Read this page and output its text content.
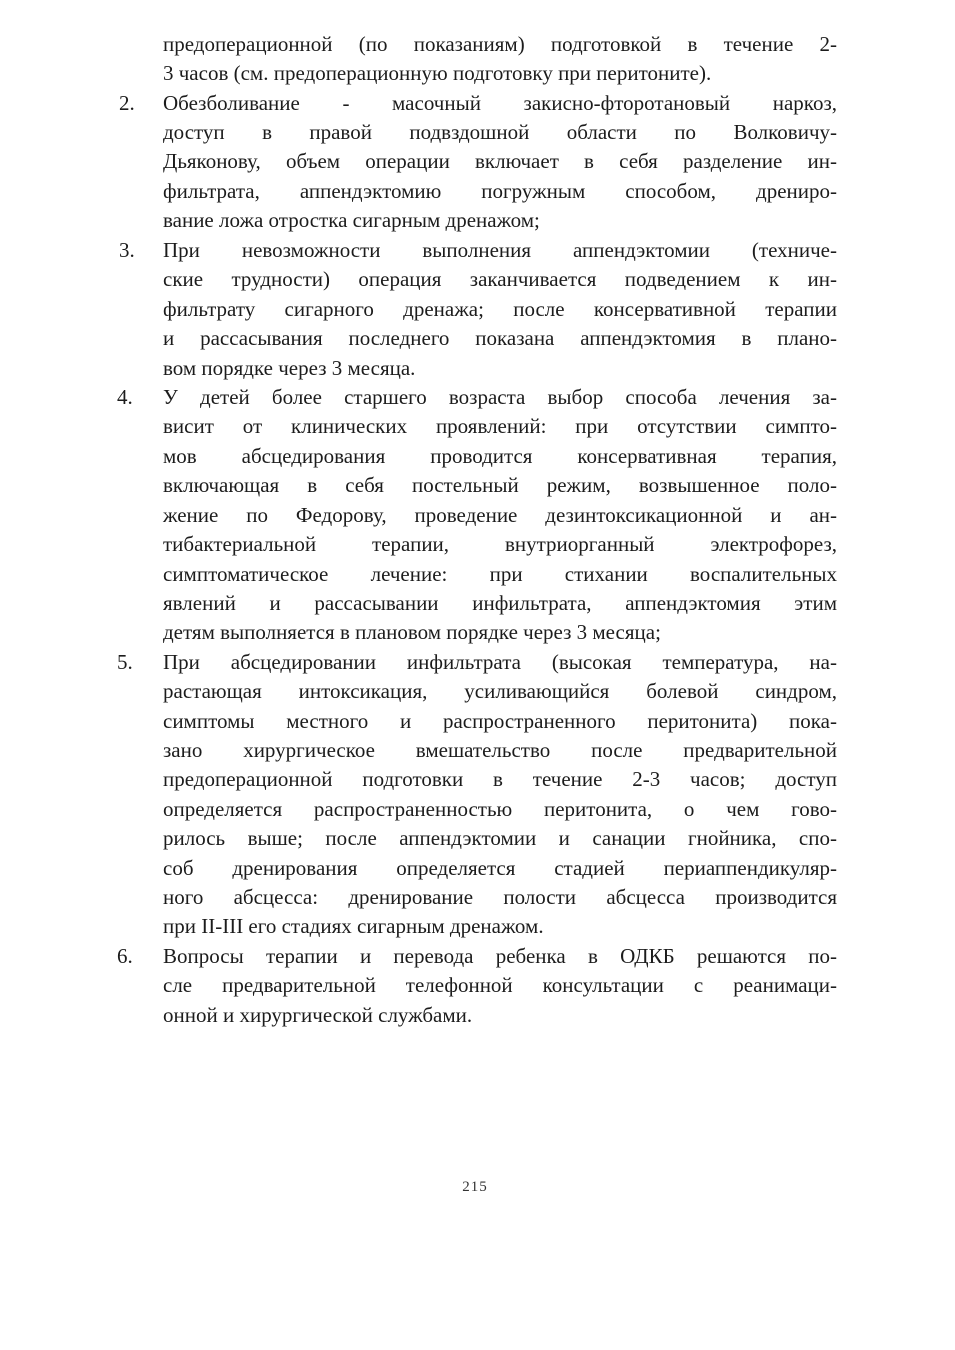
предоперационной (по показаниям) подготовкой в течение 2-
3 часов (см. предоперационную подготовку при перитоните).
2.	Обезболивание - масочный закисно-фторотановый наркоз,
доступ в правой подвздошной области по Волковичу-
Дьяконову, объем операции включает в себя разделение ин-
фильтрата, аппендэктомию погружным способом, дрениро-
вание ложа отростка сигарным дренажом;
3.	При невозможности выполнения аппендэктомии (техниче-
ские трудности) операция заканчивается подведением к ин-
фильтрату сигарного дренажа; после консервативной терапии
и рассасывания последнего показана аппендэктомия в плано-
вом порядке через 3 месяца.
4.	У детей более старшего возраста выбор способа лечения за-
висит от клинических проявлений: при отсутствии симпто-
мов абсцедирования проводится консервативная терапия,
включающая в себя постельный режим, возвышенное поло-
жение по Федорову, проведение дезинтоксикационной и ан-
тибактериальной терапии, внутриорганный электрофорез,
симптоматическое лечение: при стихании воспалительных
явлений и рассасывании инфильтрата, аппендэктомия этим
детям выполняется в плановом порядке через 3 месяца;
5.	При абсцедировании инфильтрата (высокая температура, на-
растающая интоксикация, усиливающийся болевой синдром,
симптомы местного и распространенного перитонита) пока-
зано хирургическое вмешательство после предварительной
предоперационной подготовки в течение 2-3 часов; доступ
определяется распространенностью перитонита, о чем гово-
рилось выше; после аппендэктомии и санации гнойника, спо-
соб дренирования определяется стадией периаппендикуляр-
ного абсцесса: дренирование полости абсцесса производится
при II-III его стадиях сигарным дренажом.
6.	Вопросы терапии и перевода ребенка в ОДКБ решаются по-
сле предварительной телефонной консультации с реанимаци-
онной и хирургической службами.
215
